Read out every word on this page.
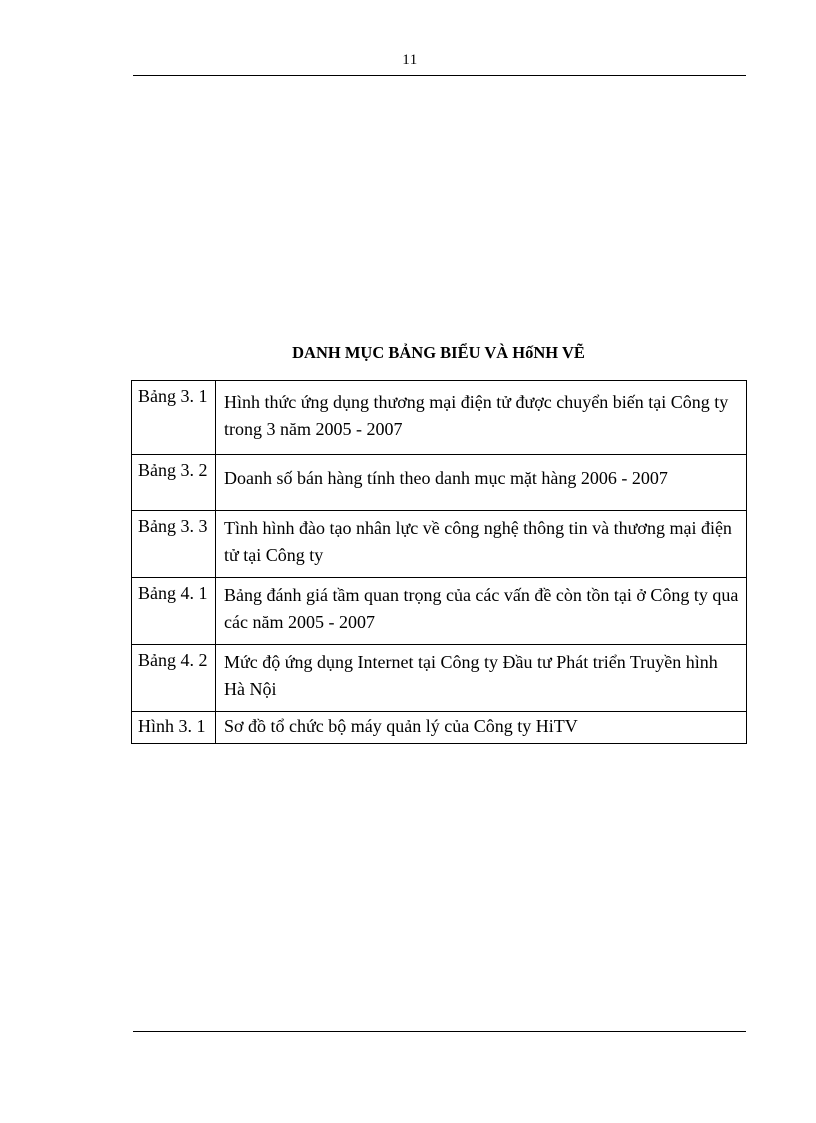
11
DANH MỤC BẢNG BIỂU VÀ HốNH VẼ
Bảng 3. 1	Hình thức ứng dụng thương mại điện tử được chuyển biến tại Công ty trong 3 năm 2005 - 2007
Bảng 3. 2	Doanh số bán hàng tính theo danh mục mặt hàng 2006 - 2007
Bảng 3. 3	Tình hình đào tạo nhân lực về công nghệ thông tin và thương mại điện tử tại Công ty
Bảng 4. 1	Bảng đánh giá tầm quan trọng của các vấn đề còn tồn tại ở Công ty qua các năm 2005 - 2007
Bảng 4. 2	Mức độ ứng dụng Internet tại Công ty Đầu tư Phát triển Truyền hình Hà Nội
Hình 3. 1	Sơ đồ tổ chức bộ máy quản lý của Công ty HiTV
